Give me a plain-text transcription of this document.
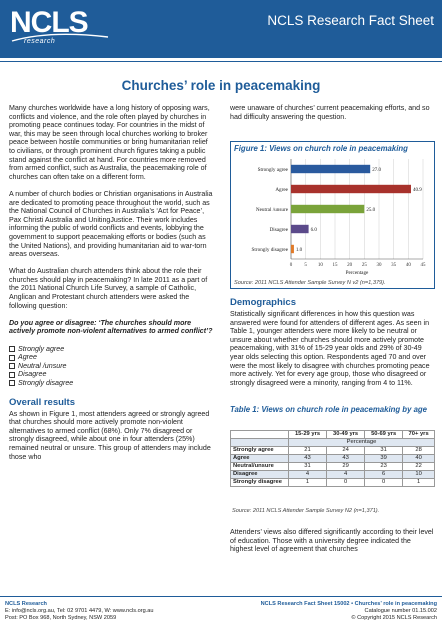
NCLS
research
NCLS Research Fact Sheet
Churches’ role in peacemaking

Many churches worldwide have a long history of opposing wars, conflicts and violence, and the role often played by churches in promoting peace continues today. For countries in the midst of war, this may be seen through local churches working to broker peace between hostile communities or bring humanitarian relief to civilians, or through prominent church figures taking a public stand against the conflict at hand. For countries more removed from armed conflict, such as Australia, the peacemaking role of churches can often take on a different form.

A number of church bodies or Christian organisations in Australia are dedicated to promoting peace throughout the world, such as the National Council of Churches in Australia’s ‘Act for Peace’, Pax Christi Australia and UnitingJustice. Their work includes informing the public of world conflicts and events, lobbying the government to support peacemaking efforts or bodies (such as the United Nations), and providing humanitarian aid to war-torn areas overseas.

What do Australian church attenders think about the role their churches should play in peacemaking? In late 2011 as a part of the 2011 National Church Life Survey, a sample of Catholic, Anglican and Protestant church attenders were asked the following question:

Do you agree or disagree: ‘The churches should more actively promote non-violent alternatives to armed conflict’?

Strongly agree
Agree
Neutral /unsure
Disagree
Strongly disagree
Overall results

As shown in Figure 1, most attenders agreed or strongly agreed that churches should more actively promote non-violent alternatives to armed conflict (68%). Only 7% disagreed or strongly disagreed, while about one in four attenders (25%) remained neutral or unsure. This group of attenders may include those who

were unaware of churches’ current peacemaking efforts, and so had difficulty answering the question.

Figure 1: Views on church role in peacemaking
0 5 10 15 20 25 30 35 40 45
Strongly agree	27.0
Agree	40.9
Neutral /unsure	25.0
Disagree	6.0
Strongly disagree 1.0
Percentage
Source: 2011 NCLS Attender Sample Survey N v2 (n=1,379).
Demographics

Statistically significant differences in how this question was answered were found for attenders of different ages. As seen in Table 1, younger attenders were more likely to be neutral or unsure about whether churches should more actively promote peacemaking, with 31% of 15-29 year olds and 29% of 30-49 year olds selecting this option. Respondents aged 70 and over were the most likely to disagree with churches promoting peace more actively. Yet for every age group, those who disagreed or strongly disagreed were a minority, ranging from 4 to 11%.

Table 1: Views on church role in peacemaking by age
	15-29 yrs	30-49 yrs	50-69 yrs	70+ yrs
	Percentage			
Strongly agree	21	24	31	28
Agree	43	43	39	40
Neutral/unsure	31	29	23	22
Disagree	4	4	6	10
Strongly disagree	1	0	0	1
Source: 2011 NCLS Attender Sample Survey N2 (n=1,371).

Attenders’ views also differed significantly according to their level of education. Those with a university degree indicated the highest level of agreement that churches

NCLS Research
E: info@ncls.org.au, Tel: 02 9701 4479, W: www.ncls.org.au
Post: PO Box 968, North Sydney, NSW 2059
NCLS Research Fact Sheet 15002 • Churches’ role in peacemaking
Catalogue number 01.15.002
© Copyright 2015 NCLS Research
